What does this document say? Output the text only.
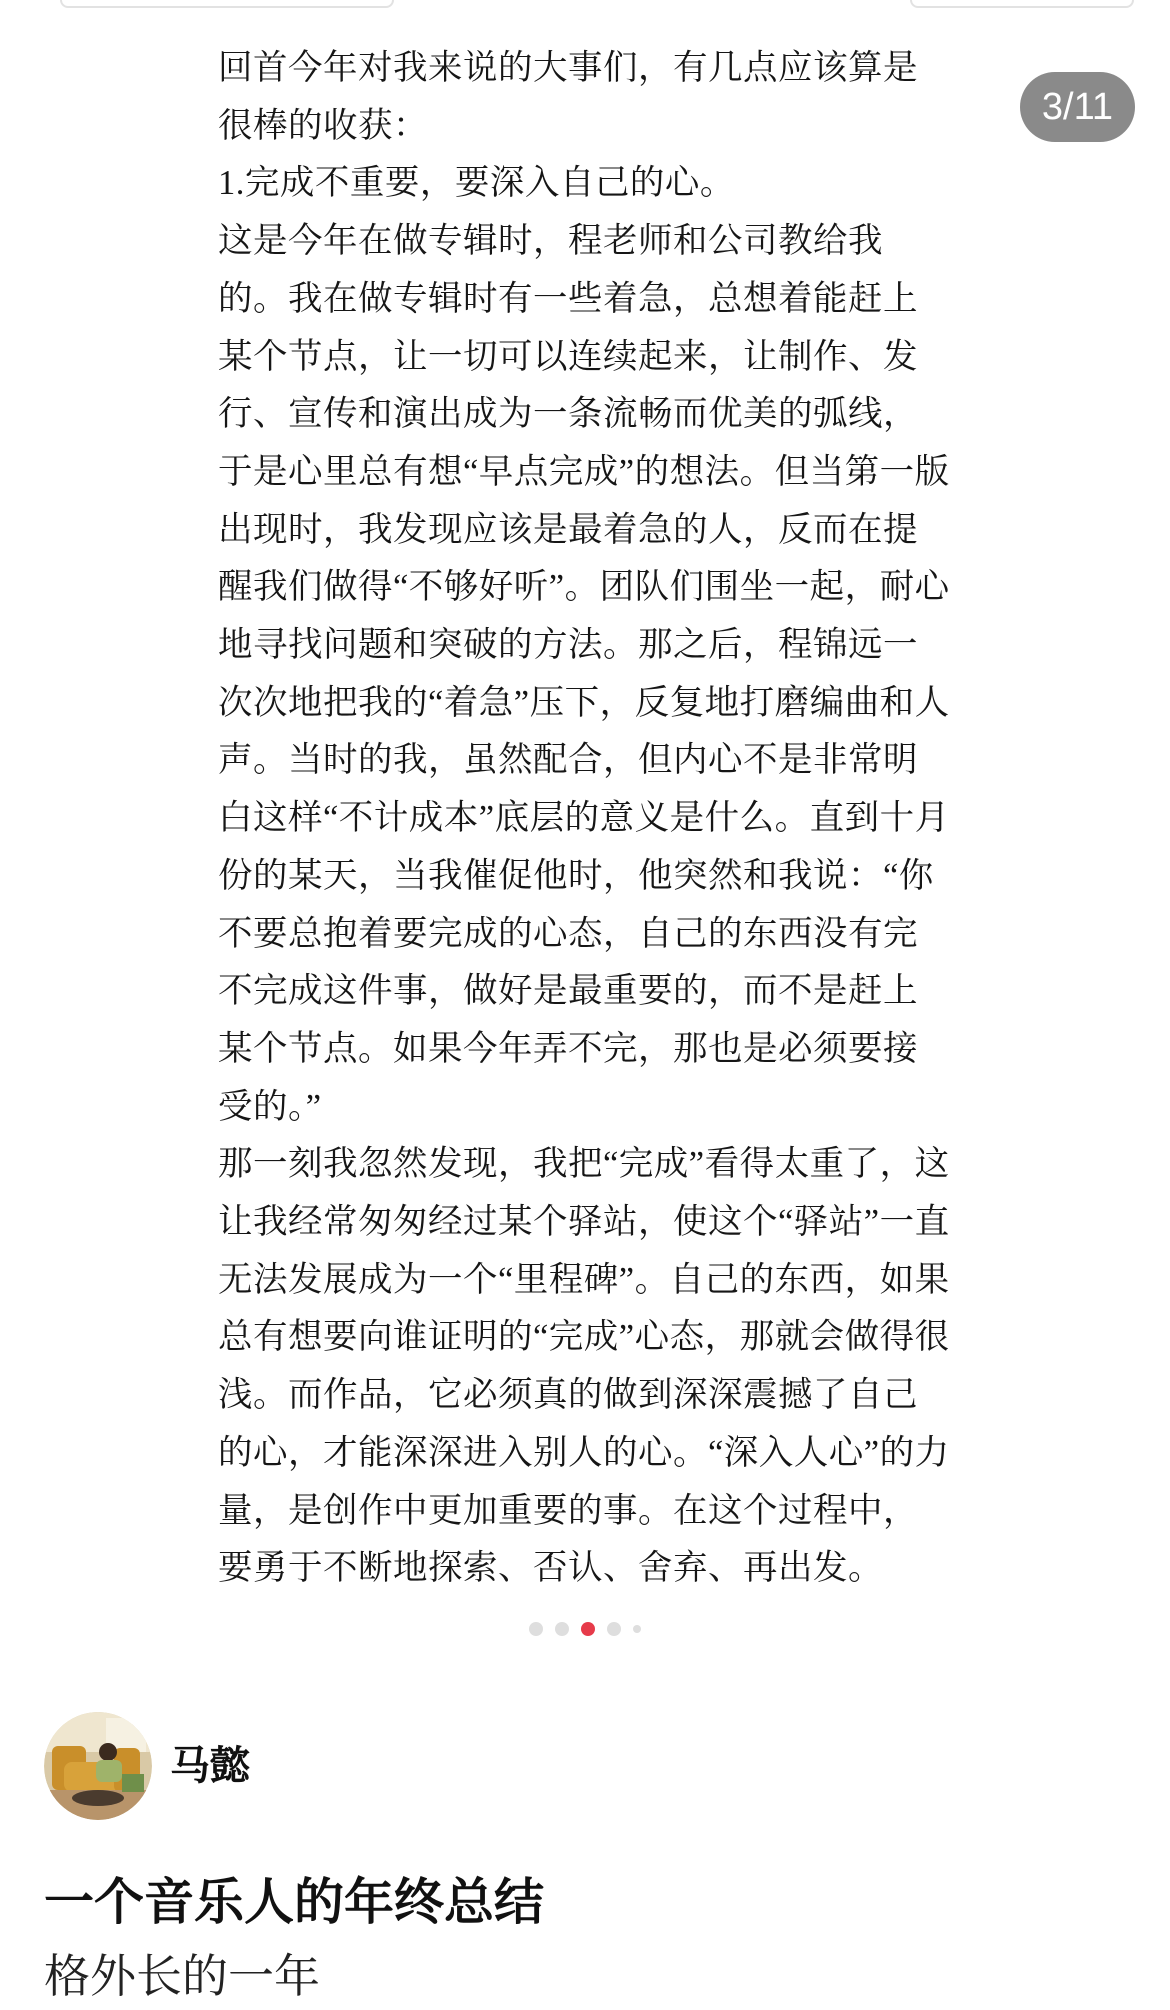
回首今年对我来说的大事们，有几点应该算是

很棒的收获：

1.完成不重要，要深入自己的心。

这是今年在做专辑时，程老师和公司教给我

的。我在做专辑时有一些着急，总想着能赶上

某个节点，让一切可以连续起来，让制作、发

行、宣传和演出成为一条流畅而优美的弧线，

于是心里总有想“早点完成”的想法。但当第一版

出现时，我发现应该是最着急的人，反而在提

醒我们做得“不够好听”。团队们围坐一起，耐心

地寻找问题和突破的方法。那之后，程锦远一

次次地把我的“着急”压下，反复地打磨编曲和人

声。当时的我，虽然配合，但内心不是非常明

白这样“不计成本”底层的意义是什么。直到十月

份的某天，当我催促他时，他突然和我说：“你

不要总抱着要完成的心态，自己的东西没有完

不完成这件事，做好是最重要的，而不是赶上

某个节点。如果今年弄不完，那也是必须要接

受的。”

那一刻我忽然发现，我把“完成”看得太重了，这

让我经常匆匆经过某个驿站，使这个“驿站”一直

无法发展成为一个“里程碑”。自己的东西，如果

总有想要向谁证明的“完成”心态，那就会做得很

浅。而作品，它必须真的做到深深震撼了自己

的心，才能深深进入别人的心。“深入人心”的力

量，是创作中更加重要的事。在这个过程中，

要勇于不断地探索、否认、舍弃、再出发。

3/11

马懿
一个音乐人的年终总结
格外长的一年
